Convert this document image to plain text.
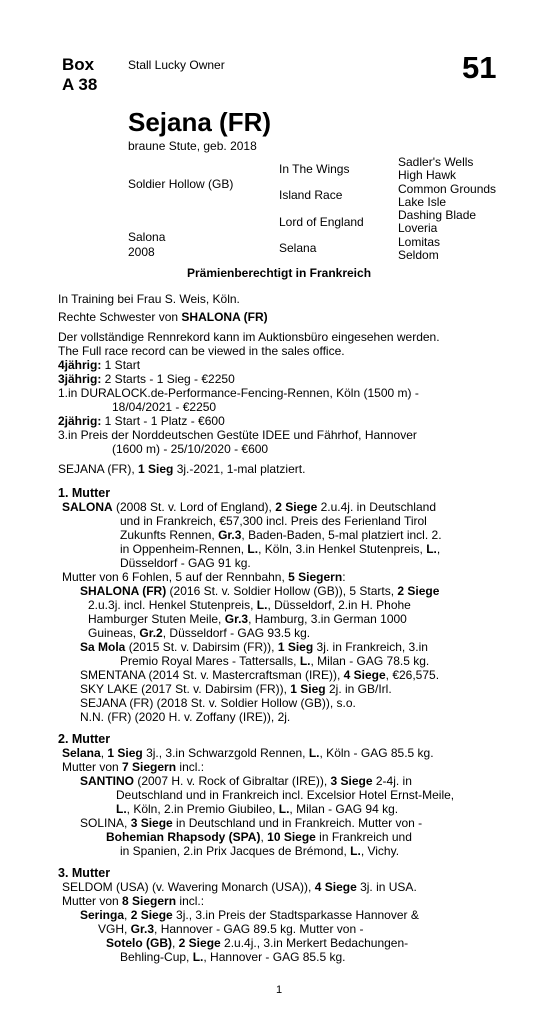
Box
A 38
Stall Lucky Owner	51
Sejana (FR)
braune Stute, geb. 2018
Soldier Hollow (GB)
Salona
2008
In The Wings
Island Race
Lord of England
Selana
Sadler's Wells
High Hawk
Common Grounds
Lake Isle
Dashing Blade
Loveria
Lomitas
Seldom
Prämienberechtigt in Frankreich

In Training bei Frau S. Weis, Köln.

Rechte Schwester von SHALONA (FR)

Der vollständige Rennrekord kann im Auktionsbüro eingesehen werden.

The Full race record can be viewed in the sales office.

4jährig: 1 Start

3jährig: 2 Starts - 1 Sieg - €2250

1.in DURALOCK.de-Performance-Fencing-Rennen, Köln (1500 m) -

18/04/2021 - €2250

2jährig: 1 Start - 1 Platz - €600

3.in Preis der Norddeutschen Gestüte IDEE und Fährhof, Hannover

(1600 m) - 25/10/2020 - €600

SEJANA (FR), 1 Sieg 3j.-2021, 1-mal platziert.

1. Mutter

SALONA (2008 St. v. Lord of England), 2 Siege 2.u.4j. in Deutschland

und in Frankreich, €57,300 incl. Preis des Ferienland Tirol

Zukunfts Rennen, Gr.3, Baden-Baden, 5-mal platziert incl. 2.

in Oppenheim-Rennen, L., Köln, 3.in Henkel Stutenpreis, L.,

Düsseldorf - GAG 91 kg.

Mutter von 6 Fohlen, 5 auf der Rennbahn, 5 Siegern:

SHALONA (FR) (2016 St. v. Soldier Hollow (GB)), 5 Starts, 2 Siege

2.u.3j. incl. Henkel Stutenpreis, L., Düsseldorf, 2.in H. Phohe

Hamburger Stuten Meile, Gr.3, Hamburg, 3.in German 1000

Guineas, Gr.2, Düsseldorf - GAG 93.5 kg.

Sa Mola (2015 St. v. Dabirsim (FR)), 1 Sieg 3j. in Frankreich, 3.in

Premio Royal Mares - Tattersalls, L., Milan - GAG 78.5 kg.

SMENTANA (2014 St. v. Mastercraftsman (IRE)), 4 Siege, €26,575.

SKY LAKE (2017 St. v. Dabirsim (FR)), 1 Sieg 2j. in GB/Irl.

SEJANA (FR) (2018 St. v. Soldier Hollow (GB)), s.o.

N.N. (FR) (2020 H. v. Zoffany (IRE)), 2j.

2. Mutter

Selana, 1 Sieg 3j., 3.in Schwarzgold Rennen, L., Köln - GAG 85.5 kg.

Mutter von 7 Siegern incl.:

SANTINO (2007 H. v. Rock of Gibraltar (IRE)), 3 Siege 2-4j. in

Deutschland und in Frankreich incl. Excelsior Hotel Ernst-Meile,

L., Köln, 2.in Premio Giubileo, L., Milan - GAG 94 kg.

SOLINA, 3 Siege in Deutschland und in Frankreich. Mutter von -

Bohemian Rhapsody (SPA), 10 Siege in Frankreich und

in Spanien, 2.in Prix Jacques de Brémond, L., Vichy.

3. Mutter

SELDOM (USA) (v. Wavering Monarch (USA)), 4 Siege 3j. in USA.

Mutter von 8 Siegern incl.:

Seringa, 2 Siege 3j., 3.in Preis der Stadtsparkasse Hannover &

VGH, Gr.3, Hannover - GAG 89.5 kg. Mutter von -

Sotelo (GB), 2 Siege 2.u.4j., 3.in Merkert Bedachungen-

Behling-Cup, L., Hannover - GAG 85.5 kg.

1
